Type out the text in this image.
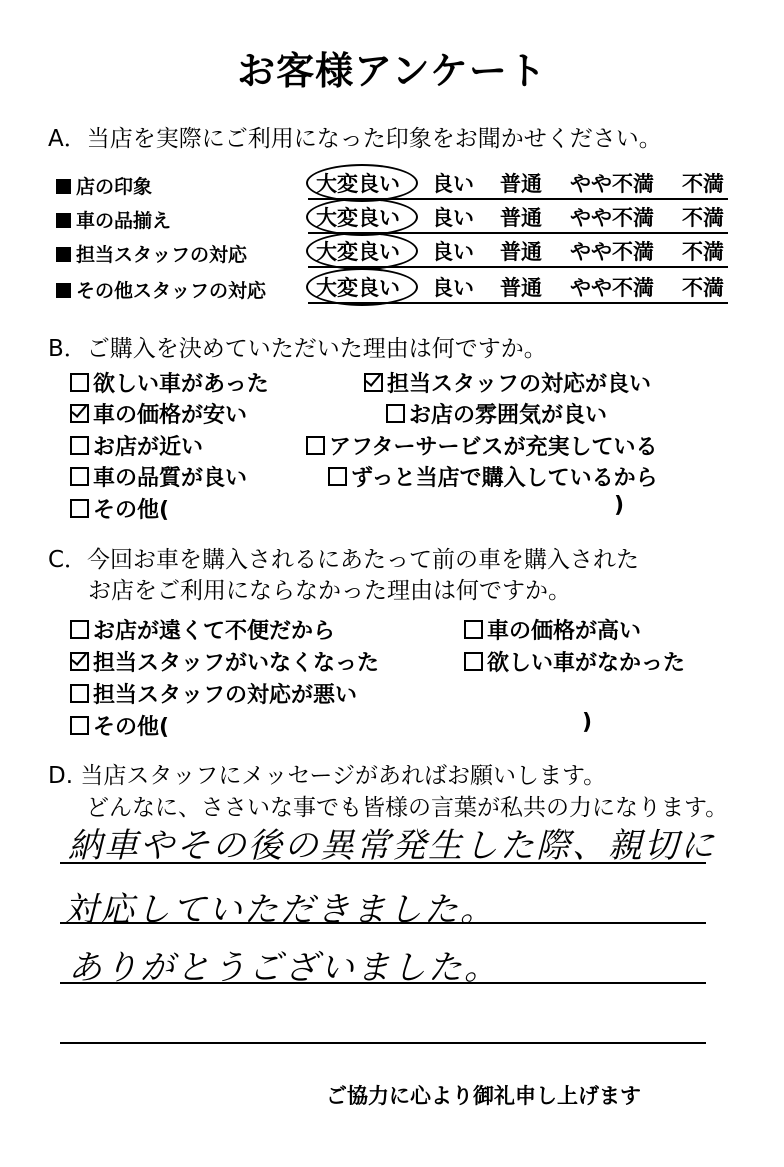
お客様アンケート
A．当店を実際にご利用になった印象をお聞かせください。
店の印象	大変良い 良い 普通 やや不満 不満
車の品揃え	大変良い 良い 普通 やや不満 不満
担当スタッフの対応	大変良い 良い 普通 やや不満 不満
その他スタッフの対応 大変良い 良い 普通 やや不満 不満
B．ご購入を決めていただいた理由は何ですか。
欲しい車があった	担当スタッフの対応が良い
車の価格が安い	お店の雰囲気が良い
お店が近い	アフターサービスが充実している
車の品質が良い	ずっと当店で購入しているから
その他(	)
C．今回お車を購入されるにあたって前の車を購入された
お店をご利用にならなかった理由は何ですか。
お店が遠くて不便だから	車の価格が高い
担当スタッフがいなくなった	欲しい車がなかった
担当スタッフの対応が悪い
その他(	)
D. 当店スタッフにメッセージがあればお願いします。
どんなに、ささいな事でも皆様の言葉が私共の力になります。
納車やその後の異常発生した際、親切に
対応していただきました。
ありがとうございました。
ご協力に心より御礼申し上げます
